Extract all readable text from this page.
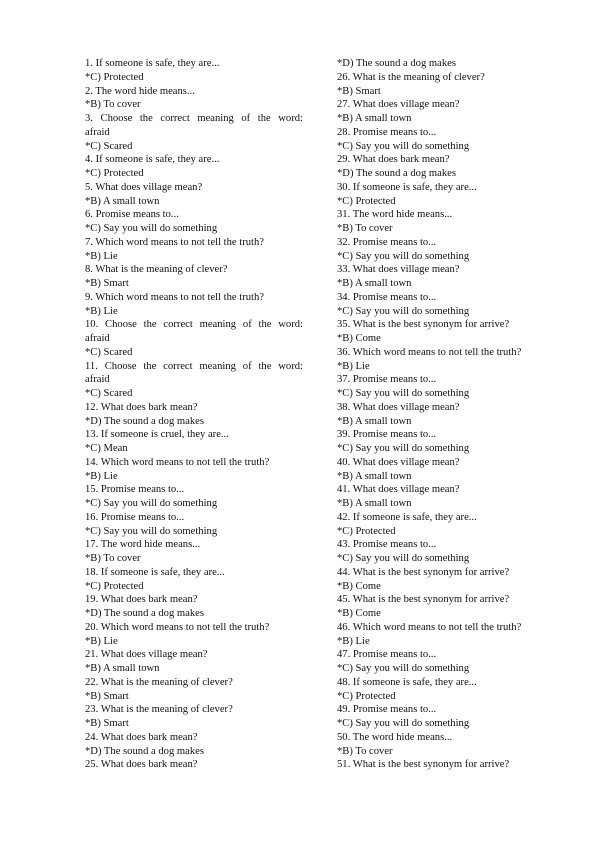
1. If someone is safe, they are...
*C) Protected
2. The word hide means...
*B) To cover
3. Choose the correct meaning of the word:
afraid
*C) Scared
4. If someone is safe, they are...
*C) Protected
5. What does village mean?
*B) A small town
6. Promise means to...
*C) Say you will do something
7. Which word means to not tell the truth?
*B) Lie
8. What is the meaning of clever?
*B) Smart
9. Which word means to not tell the truth?
*B) Lie
10. Choose the correct meaning of the word:
afraid
*C) Scared
11. Choose the correct meaning of the word:
afraid
*C) Scared
12. What does bark mean?
*D) The sound a dog makes
13. If someone is cruel, they are...
*C) Mean
14. Which word means to not tell the truth?
*B) Lie
15. Promise means to...
*C) Say you will do something
16. Promise means to...
*C) Say you will do something
17. The word hide means...
*B) To cover
18. If someone is safe, they are...
*C) Protected
19. What does bark mean?
*D) The sound a dog makes
20. Which word means to not tell the truth?
*B) Lie
21. What does village mean?
*B) A small town
22. What is the meaning of clever?
*B) Smart
23. What is the meaning of clever?
*B) Smart
24. What does bark mean?
*D) The sound a dog makes
25. What does bark mean?
*D) The sound a dog makes
26. What is the meaning of clever?
*B) Smart
27. What does village mean?
*B) A small town
28. Promise means to...
*C) Say you will do something
29. What does bark mean?
*D) The sound a dog makes
30. If someone is safe, they are...
*C) Protected
31. The word hide means...
*B) To cover
32. Promise means to...
*C) Say you will do something
33. What does village mean?
*B) A small town
34. Promise means to...
*C) Say you will do something
35. What is the best synonym for arrive?
*B) Come
36. Which word means to not tell the truth?
*B) Lie
37. Promise means to...
*C) Say you will do something
38. What does village mean?
*B) A small town
39. Promise means to...
*C) Say you will do something
40. What does village mean?
*B) A small town
41. What does village mean?
*B) A small town
42. If someone is safe, they are...
*C) Protected
43. Promise means to...
*C) Say you will do something
44. What is the best synonym for arrive?
*B) Come
45. What is the best synonym for arrive?
*B) Come
46. Which word means to not tell the truth?
*B) Lie
47. Promise means to...
*C) Say you will do something
48. If someone is safe, they are...
*C) Protected
49. Promise means to...
*C) Say you will do something
50. The word hide means...
*B) To cover
51. What is the best synonym for arrive?
